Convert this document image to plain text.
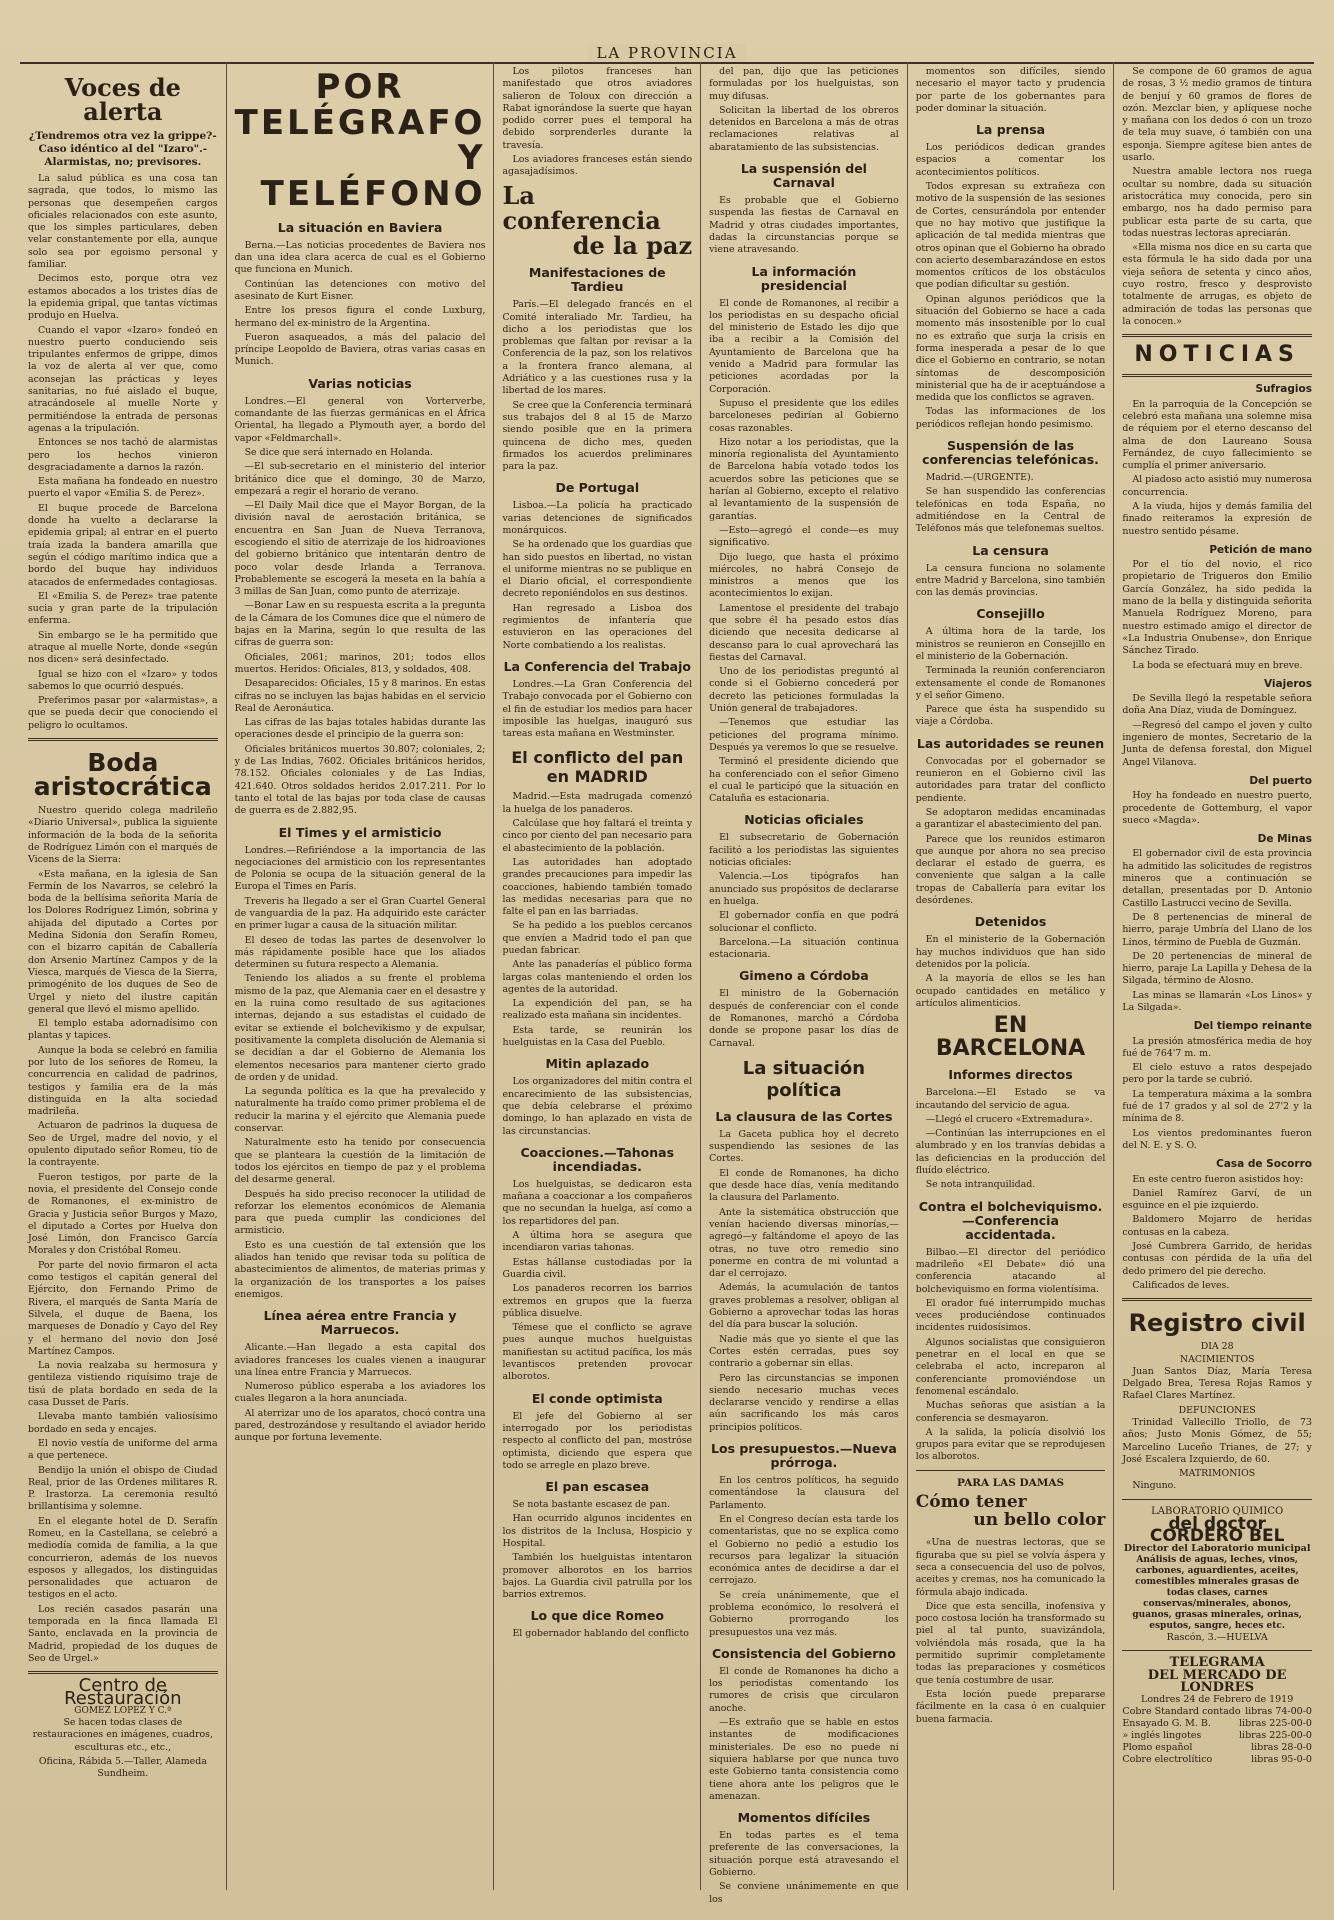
LA PROVINCIA
Voces de alerta
¿Tendremos otra vez la grippe?-Caso idéntico al del "Izaro".-Alarmistas, no; previsores.

La salud pública es una cosa tan sagrada, que todos, lo mismo las personas que desempeñen cargos oficiales relacionados con este asunto, que los simples particulares, deben velar constantemente por ella, aunque solo sea por egoismo personal y familiar.

Decimos esto, porque otra vez estamos abocados a los tristes días de la epidemia gripal, que tantas víctimas produjo en Huelva.

Cuando el vapor «Izaro» fondeó en nuestro puerto conduciendo seis tripulantes enfermos de grippe, dimos la voz de alerta al ver que, como aconsejan las prácticas y leyes sanitarias, no fué aislado el buque, atracándosele al muelle Norte y permitiéndose la entrada de personas agenas a la tripulación.

Entonces se nos tachó de alarmistas pero los hechos vinieron desgraciadamente a darnos la razón.

Esta mañana ha fondeado en nuestro puerto el vapor «Emilia S. de Perez».

El buque procede de Barcelona donde ha vuelto a declararse la epidemia gripal; al entrar en el puerto traía izada la bandera amarilla que según el código marítimo indica que a bordo del buque hay individuos atacados de enfermedades contagiosas.

El «Emilia S. de Perez» trae patente sucia y gran parte de la tripulación enferma.

Sin embargo se le ha permitido que atraque al muelle Norte, donde «según nos dicen» será desinfectado.

Igual se hizo con el «Izaro» y todos sabemos lo que ocurrió después.

Preferimos pasar por «alarmistas», a que se pueda decir que conociendo el peligro lo ocultamos.

Boda aristocrática

Nuestro querido colega madrileño «Diario Universal», publica la siguiente información de la boda de la señorita de Rodríguez Limón con el marqués de Vicens de la Sierra:

«Esta mañana, en la iglesia de San Fermín de los Navarros, se celebró la boda de la bellísima señorita María de los Dolores Rodríguez Limón, sobrina y ahijada del diputado a Cortes por Medina Sidonia don Serafín Romeu, con el bizarro capitán de Caballería don Arsenio Martínez Campos y de la Viesca, marqués de Viesca de la Sierra, primogénito de los duques de Seo de Urgel y nieto del ilustre capitán general que llevó el mismo apellido.

El templo estaba adornadísimo con plantas y tapices.

Aunque la boda se celebró en familia por luto de los señores de Romeu, la concurrencia en calidad de padrinos, testigos y familia era de la más distinguida en la alta sociedad madrileña.

Actuaron de padrinos la duquesa de Seo de Urgel, madre del novio, y el opulento diputado señor Romeu, tío de la contrayente.

Fueron testigos, por parte de la novia, el presidente del Consejo conde de Romanones, el ex-ministro de Gracia y Justicia señor Burgos y Mazo, el diputado a Cortes por Huelva don José Limón, don Francisco García Morales y don Cristóbal Romeu.

Por parte del novio firmaron el acta como testigos el capitán general del Ejército, don Fernando Primo de Rivera, el marqués de Santa María de Silvela, el duque de Baena, los marqueses de Donadío y Cayo del Rey y el hermano del novio don José Martínez Campos.

La novia realzaba su hermosura y gentileza vistiendo riquísimo traje de tisú de plata bordado en seda de la casa Dusset de París.

Llevaba manto también valiosísimo bordado en seda y encajes.

El novio vestía de uniforme del arma a que pertenece.

Bendijo la unión el obispo de Ciudad Real, prior de las Ordenes militares R. P. Irastorza. La ceremonia resultó brillantísima y solemne.

En el elegante hotel de D. Serafín Romeu, en la Castellana, se celebró a mediodía comida de familia, a la que concurrieron, además de los nuevos esposos y allegados, los distinguidas personalidades que actuaron de testigos en el acto.

Los recién casados pasarán una temporada en la finca llamada El Santo, enclavada en la provincia de Madrid, propiedad de los duques de Seo de Urgel.»

Centro de Restauración
GOMEZ LOPEZ Y C.ª

Se hacen todas clases de restauraciones en imágenes, cuadros, esculturas etc., etc.,

Oficina, Rábida 5.—Taller, Alameda Sundheim.

POR TELÉGRAFO
Y TELÉFONO
La situación en Baviera

Berna.—Las noticias procedentes de Baviera nos dan una idea clara acerca de cual es el Gobierno que funciona en Munich.

Continúan las detenciones con motivo del asesinato de Kurt Eisner.

Entre los presos figura el conde Luxburg, hermano del ex-ministro de la Argentina.

Fueron asaqueados, a más del palacio del príncipe Leopoldo de Baviera, otras varias casas en Munich.

Varias noticias

Londres.—El general von Vorterverbe, comandante de las fuerzas germánicas en el África Oriental, ha llegado a Plymouth ayer, a bordo del vapor «Feldmarchall».

Se dice que será internado en Holanda.

—El sub-secretario en el ministerio del interior británico dice que el domingo, 30 de Marzo, empezará a regir el horario de verano.

—El Daily Mail dice que el Mayor Borgan, de la división naval de aerostación británica, se encuentra en San Juan de Nueva Terranova, escogiendo el sitio de aterrizaje de los hidroaviones del gobierno británico que intentarán dentro de poco volar desde Irlanda a Terranova. Probablemente se escogerá la meseta en la bahía a 3 millas de San Juan, como punto de aterrizaje.

—Bonar Law en su respuesta escrita a la pregunta de la Cámara de los Comunes dice que el número de bajas en la Marina, según lo que resulta de las cifras de guerra son:

Oficiales, 2061; marinos, 201; todos ellos muertos. Heridos: Oficiales, 813, y soldados, 408.

Desaparecidos: Oficiales, 15 y 8 marinos. En estas cifras no se incluyen las bajas habidas en el servicio Real de Aeronáutica.

Las cifras de las bajas totales habidas durante las operaciones desde el principio de la guerra son:

Oficiales británicos muertos 30.807; coloniales, 2; y de Las Indias, 7602. Oficiales británicos heridos, 78.152. Oficiales coloniales y de Las Indias, 421.640. Otros soldados heridos 2.017.211. Por lo tanto el total de las bajas por toda clase de causas de guerra es de 2.882,95.

El Times y el armisticio

Londres.—Refiriéndose a la importancia de las negociaciones del armisticio con los representantes de Polonia se ocupa de la situación general de la Europa el Times en París.

Treveris ha llegado a ser el Gran Cuartel General de vanguardia de la paz. Ha adquirido este carácter en primer lugar a causa de la situación militar.

El deseo de todas las partes de desenvolver lo más rápidamente posible hace que los aliados determinen su futura respecto a Alemania.

Teniendo los aliados a su frente el problema mismo de la paz, que Alemania caer en el desastre y en la ruina como resultado de sus agitaciones internas, dejando a sus estadistas el cuidado de evitar se extiende el bolchevikismo y de expulsar, positivamente la completa disolución de Alemania si se decidían a dar el Gobierno de Alemania los elementos necesarios para mantener cierto grado de orden y de unidad.

La segunda política es la que ha prevalecido y naturalmente ha traído como primer problema el de reducir la marina y el ejército que Alemania puede conservar.

Naturalmente esto ha tenido por consecuencia que se planteara la cuestión de la limitación de todos los ejércitos en tiempo de paz y el problema del desarme general.

Después ha sido preciso reconocer la utilidad de reforzar los elementos económicos de Alemania para que pueda cumplir las condiciones del armisticio.

Esto es una cuestión de tal extensión que los aliados han tenido que revisar toda su política de abastecimientos de alimentos, de materias primas y la organización de los transportes a los países enemigos.

Línea aérea entre Francia y Marruecos.

Alicante.—Han llegado a esta capital dos aviadores franceses los cuales vienen a inaugurar una línea entre Francia y Marruecos.

Numeroso público esperaba a los aviadores los cuales llegaron a la hora anunciada.

Al aterrizar uno de los aparatos, chocó contra una pared, destrozándose y resultando el aviador herido aunque por fortuna levemente.

Los pilotos franceses han manifestado que otros aviadores salieron de Toloux con dirección a Rabat ignorándose la suerte que hayan podido correr pues el temporal ha debido sorprenderles durante la travesía.

Los aviadores franceses están siendo agasajadísimos.

La conferencia
de la paz
Manifestaciones de Tardieu

París.—El delegado francés en el Comité interaliado Mr. Tardieu, ha dicho a los periodistas que los problemas que faltan por revisar a la Conferencia de la paz, son los relativos a la frontera franco alemana, al Adriático y a las cuestiones rusa y la libertad de los mares.

Se cree que la Conferencia terminará sus trabajos del 8 al 15 de Marzo siendo posible que en la primera quincena de dicho mes, queden firmados los acuerdos preliminares para la paz.

De Portugal

Lisboa.—La policía ha practicado varias detenciones de significados monárquicos.

Se ha ordenado que los guardias que han sido puestos en libertad, no vistan el uniforme mientras no se publique en el Diario oficial, el correspondiente decreto reponiéndolos en sus destinos.

Han regresado a Lisboa dos regimientos de infantería que estuvieron en las operaciones del Norte combatiendo a los realistas.

La Conferencia del Trabajo

Londres.—La Gran Conferencia del Trabajo convocada por el Gobierno con el fin de estudiar los medios para hacer imposible las huelgas, inauguró sus tareas esta mañana en Westminster.

El conflicto del pan en MADRID

Madrid.—Esta madrugada comenzó la huelga de los panaderos.

Calcúlase que hoy faltará el treinta y cinco por ciento del pan necesario para el abastecimiento de la población.

Las autoridades han adoptado grandes precauciones para impedir las coacciones, habiendo también tomado las medidas necesarias para que no falte el pan en las barriadas.

Se ha pedido a los pueblos cercanos que envíen a Madrid todo el pan que puedan fabricar.

Ante las panaderías el público forma largas colas manteniendo el orden los agentes de la autoridad.

La expendición del pan, se ha realizado esta mañana sin incidentes.

Esta tarde, se reunirán los huelguistas en la Casa del Pueblo.

Mitin aplazado

Los organizadores del mitin contra el encarecimiento de las subsistencias, que debía celebrarse el próximo domingo, lo han aplazado en vista de las circunstancias.

Coacciones.—Tahonas incendiadas.

Los huelguistas, se dedicaron esta mañana a coaccionar a los compañeros que no secundan la huelga, así como a los repartidores del pan.

A última hora se asegura que incendiaron varias tahonas.

Estas hállanse custodiadas por la Guardia civil.

Los panaderos recorren los barrios extremos en grupos que la fuerza pública disuelve.

Témese que el conflicto se agrave pues aunque muchos huelguistas manifiestan su actitud pacífica, los más levantiscos pretenden provocar alborotos.

El conde optimista

El jefe del Gobierno al ser interrogado por los periodistas respecto al conflicto del pan, mostróse optimista, diciendo que espera que todo se arregle en plazo breve.

El pan escasea

Se nota bastante escasez de pan.

Han ocurrido algunos incidentes en los distritos de la Inclusa, Hospicio y Hospital.

También los huelguistas intentaron promover alborotos en los barrios bajos. La Guardia civil patrulla por los barrios extremos.

Lo que dice Romeo

El gobernador hablando del conflicto

del pan, dijo que las peticiones formuladas por los huelguistas, son muy difusas.

Solicitan la libertad de los obreros detenidos en Barcelona a más de otras reclamaciones relativas al abaratamiento de las subsistencias.

La suspensión del Carnaval

Es probable que el Gobierno suspenda las fiestas de Carnaval en Madrid y otras ciudades importantes, dadas la circunstancias porque se viene atravesando.

La información presidencial

El conde de Romanones, al recibir a los periodistas en su despacho oficial del ministerio de Estado les dijo que iba a recibir a la Comisión del Ayuntamiento de Barcelona que ha venido a Madrid para formular las peticiones acordadas por la Corporación.

Supuso el presidente que los ediles barceloneses pedirían al Gobierno cosas razonables.

Hizo notar a los periodistas, que la minoría regionalista del Ayuntamiento de Barcelona había votado todos los acuerdos sobre las peticiones que se harían al Gobierno, excepto el relativo al levantamiento de la suspensión de garantías.

—Esto—agregó el conde—es muy significativo.

Dijo luego, que hasta el próximo miércoles, no habrá Consejo de ministros a menos que los acontecimientos lo exijan.

Lamentose el presidente del trabajo que sobre él ha pesado estos días diciendo que necesita dedicarse al descanso para lo cual aprovechará las fiestas del Carnaval.

Uno de los periodistas preguntó al conde si el Gobierno concederá por decreto las peticiones formuladas la Unión general de trabajadores.

—Tenemos que estudiar las peticiones del programa mínimo. Después ya veremos lo que se resuelve.

Terminó el presidente diciendo que ha conferenciado con el señor Gimeno el cual le participó que la situación en Cataluña es estacionaria.

Noticias oficiales

El subsecretario de Gobernación facilitó a los periodistas las siguientes noticias oficiales:

Valencia.—Los tipógrafos han anunciado sus propósitos de declararse en huelga.

El gobernador confía en que podrá solucionar el conflicto.

Barcelona.—La situación continua estacionaria.

Gimeno a Córdoba

El ministro de la Gobernación después de conferenciar con el conde de Romanones, marchó a Córdoba donde se propone pasar los días de Carnaval.

La situación política
La clausura de las Cortes

La Gaceta publica hoy el decreto suspendiendo las sesiones de las Cortes.

El conde de Romanones, ha dicho que desde hace días, venía meditando la clausura del Parlamento.

Ante la sistemática obstrucción que venían haciendo diversas minorías,—agregó—y faltándome el apoyo de las otras, no tuve otro remedio sino ponerme en contra de mi voluntad a dar el cerrojazo.

Además, la acumulación de tantos graves problemas a resolver, obligan al Gobierno a aprovechar todas las horas del día para buscar la solución.

Nadie más que yo siente el que las Cortes estén cerradas, pues soy contrario a gobernar sin ellas.

Pero las circunstancias se imponen siendo necesario muchas veces declararse vencido y rendirse a ellas aún sacrificando los más caros principios políticos.

Los presupuestos.—Nueva prórroga.

En los centros políticos, ha seguido comentándose la clausura del Parlamento.

En el Congreso decían esta tarde los comentaristas, que no se explica como el Gobierno no pedió a estudio los recursos para legalizar la situación económica antes de decidirse a dar el cerrojazo.

Se creía unánimemente, que el problema económico, lo resolverá el Gobierno prorrogando los presupuestos una vez más.

Consistencia del Gobierno

El conde de Romanones ha dicho a los periodistas comentando los rumores de crisis que circularon anoche.

—Es extraño que se hable en estos instantes de modificaciones ministeriales. De eso no puede ni siquiera hablarse por que nunca tuvo este Gobierno tanta consistencia como tiene ahora ante los peligros que le amenazan.

Momentos difíciles

En todas partes es el tema preferente de las conversaciones, la situación porque está atravesando el Gobierno.

Se conviene unánimemente en que los

momentos son difíciles, siendo necesario el mayor tacto y prudencia por parte de los gobernantes para poder dominar la situación.

La prensa

Los periódicos dedican grandes espacios a comentar los acontecimientos políticos.

Todos expresan su extrañeza con motivo de la suspensión de las sesiones de Cortes, censurándola por entender que no hay motivo que justifique la aplicación de tal medida mientras que otros opinan que el Gobierno ha obrado con acierto desembarazándose en estos momentos críticos de los obstáculos que podían dificultar su gestión.

Opinan algunos periódicos que la situación del Gobierno se hace a cada momento más insostenible por lo cual no es extraño que surja la crisis en forma inesperada a pesar de lo que dice el Gobierno en contrario, se notan síntomas de descomposición ministerial que ha de ir aceptuándose a medida que los conflictos se agraven.

Todas las informaciones de los periódicos reflejan hondo pesimismo.

Suspensión de las conferencias telefónicas.

Madrid.—(URGENTE).

Se han suspendido las conferencias telefónicas en toda España, no admitiéndose en la Central de Teléfonos más que telefonemas sueltos.

La censura

La censura funciona no solamente entre Madrid y Barcelona, sino también con las demás provincias.

Consejillo

A última hora de la tarde, los ministros se reunieron en Consejillo en el ministerio de la Gobernación.

Terminada la reunión conferenciaron extensamente el conde de Romanones y el señor Gimeno.

Parece que ésta ha suspendido su viaje a Córdoba.

Las autoridades se reunen

Convocadas por el gobernador se reunieron en el Gobierno civil las autoridades para tratar del conflicto pendiente.

Se adoptaron medidas encaminadas a garantizar el abastecimiento del pan.

Parece que los reunidos estimaron que aunque por ahora no sea preciso declarar el estado de guerra, es conveniente que salgan a la calle tropas de Caballería para evitar los desórdenes.

Detenidos

En el ministerio de la Gobernación hay muchos individuos que han sido detenidos por la policía.

A la mayoría de ellos se les han ocupado cantidades en metálico y artículos alimenticios.

EN BARCELONA
Informes directos

Barcelona.—El Estado se va incautando del servicio de agua.

—Llegó el crucero «Extremadura».

—Continúan las interrupciones en el alumbrado y en los tranvías debidas a las deficiencias en la producción del fluído eléctrico.

Se nota intranquilidad.

Contra el bolcheviquismo.—Conferencia accidentada.

Bilbao.—El director del periódico madrileño «El Debate» dió una conferencia atacando al bolcheviquismo en forma violentísima.

El orador fué interrumpido muchas veces produciéndose continuados incidentes ruidosísimos.

Algunos socialistas que consiguieron penetrar en el local en que se celebraba el acto, increparon al conferenciante promoviéndose un fenomenal escándalo.

Muchas señoras que asistían a la conferencia se desmayaron.

A la salida, la policía disolvió los grupos para evitar que se reprodujesen los alborotos.

PARA LAS DAMAS
Cómo tener
un bello color

«Una de nuestras lectoras, que se figuraba que su piel se volvía áspera y seca a consecuencia del uso de polvos, aceites y cremas, nos ha comunicado la fórmula abajo indicada.

Dice que esta sencilla, inofensiva y poco costosa loción ha transformado su piel al tal punto, suavizándola, volviéndola más rosada, que la ha permitido suprimir completamente todas las preparaciones y cosméticos que tenía costumbre de usar.

Esta loción puede prepararse fácilmente en la casa ó en cualquier buena farmacia.

Se compone de 60 gramos de agua de rosas, 3 ½ medio gramos de tintura de benjuí y 60 gramos de flores de ozón. Mezclar bien, y aplíquese noche y mañana con los dedos ó con un trozo de tela muy suave, ó también con una esponja. Siempre agítese bien antes de usarlo.

Nuestra amable lectora nos ruega ocultar su nombre, dada su situación aristocrática muy conocida, pero sin embargo, nos ha dado permiso para publicar esta parte de su carta, que todas nuestras lectoras apreciarán.

«Ella misma nos dice en su carta que esta fórmula le ha sido dada por una vieja señora de setenta y cinco años, cuyo rostro, fresco y desprovisto totalmente de arrugas, es objeto de admiración de todas las personas que la conocen.»

NOTICIAS
Sufragios

En la parroquia de la Concepción se celebró esta mañana una solemne misa de réquiem por el eterno descanso del alma de don Laureano Sousa Fernández, de cuyo fallecimiento se cumplía el primer aniversario.

Al piadoso acto asistió muy numerosa concurrencia.

A la viuda, hijos y demás familia del finado reiteramos la expresión de nuestro sentido pésame.

Petición de mano

Por el tío del novio, el rico propietario de Trigueros don Emilio García González, ha sido pedida la mano de la bella y distinguida señorita Manuela Rodríguez Moreno, para nuestro estimado amigo el director de «La Industria Onubense», don Enrique Sánchez Tirado.

La boda se efectuará muy en breve.

Viajeros

De Sevilla llegó la respetable señora doña Ana Díaz, viuda de Domínguez.

—Regresó del campo el joven y culto ingeniero de montes, Secretario de la Junta de defensa forestal, don Miguel Angel Vilanova.

Del puerto

Hoy ha fondeado en nuestro puerto, procedente de Gottemburg, el vapor sueco «Magda».

De Minas

El gobernador civil de esta provincia ha admitido las solicitudes de registros mineros que a continuación se detallan, presentadas por D. Antonio Castillo Lastrucci vecino de Sevilla.

De 8 pertenencias de mineral de hierro, paraje Umbría del Llano de los Linos, término de Puebla de Guzmán.

De 20 pertenencias de mineral de hierro, paraje La Lapilla y Dehesa de la Silgada, término de Alosno.

Las minas se llamarán «Los Linos» y La Silgada».

Del tiempo reinante

La presión atmosférica media de hoy fué de 764'7 m. m.

El cielo estuvo a ratos despejado pero por la tarde se cubrió.

La temperatura máxima a la sombra fué de 17 grados y al sol de 27'2 y la mínima de 8.

Los vientos predominantes fueron del N. E. y S. O.

Casa de Socorro

En este centro fueron asistidos hoy:

Daniel Ramírez Garví, de un esguince en el pie izquierdo.

Baldomero Mojarro de heridas contusas en la cabeza.

José Cumbrera Garrido, de heridas contusas con pérdida de la uña del dedo primero del pie derecho.

Calificados de leves.

Registro civil
DIA 28
NACIMIENTOS

Juan Santos Díaz, María Teresa Delgado Brea, Teresa Rojas Ramos y Rafael Clares Martínez.

DEFUNCIONES

Trinidad Vallecillo Triollo, de 73 años; Justo Monis Gómez, de 55; Marcelino Luceño Trianes, de 27; y José Escalera Izquierdo, de 60.

MATRIMONIOS

Ninguno.

LABORATORIO QUIMICO
del doctor CORDERO BEL
Director del Laboratorio municipal
Análisis de aguas, leches, vinos, carbones, aguardientes, aceites, comestibles minerales grasas de todas clases, carnes conservas/minerales, abonos, guanos, grasas minerales, orinas, esputos, sangre, heces etc.
Rascón, 3.—HUELVA
TELEGRAMA
DEL MERCADO DE LONDRES
Londres 24 de Febrero de 1919
Cobre Standard contado libras 74-00-0
Ensayado G. M. B.	libras 225-00-0
» inglés lingotes	libras 225-00-0
Plomo español	libras 28-0-0
Cobre electrolítico	libras 95-0-0
